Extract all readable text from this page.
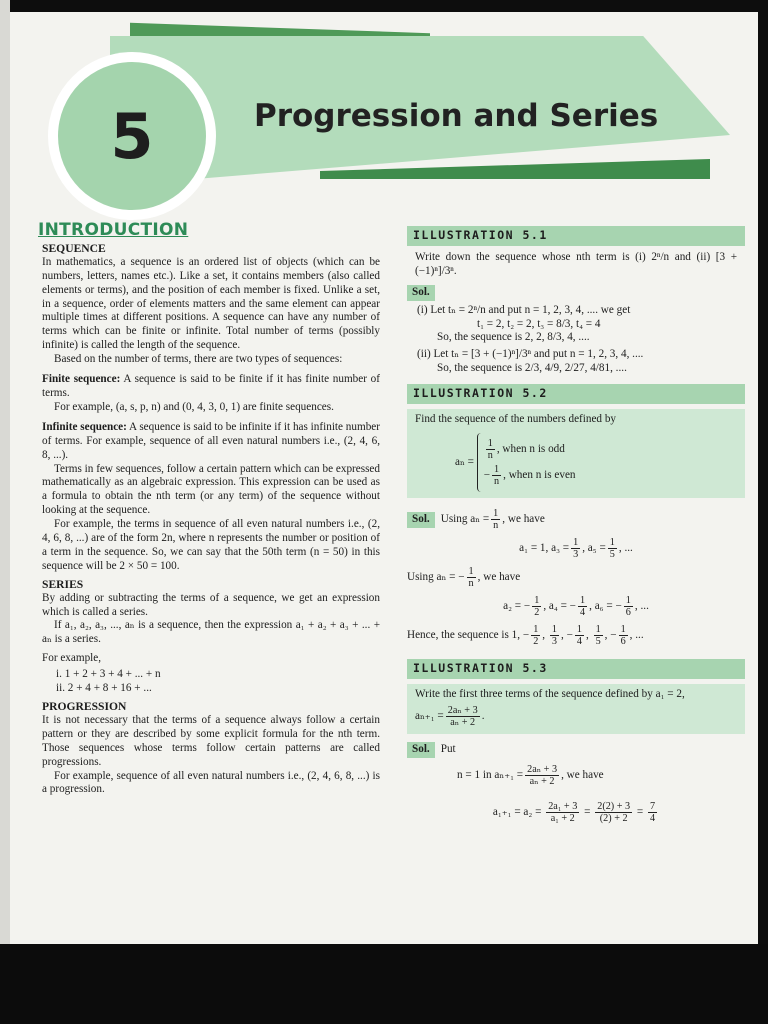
5	Progression and Series
INTRODUCTION
SEQUENCE

In mathematics, a sequence is an ordered list of objects (which can be numbers, letters, names etc.). Like a set, it contains members (also called elements or terms), and the position of each member is fixed. Unlike a set, in a sequence, order of elements matters and the same element can appear multiple times at different positions. A sequence can have any number of terms which can be finite or infinite. Total number of terms (possibly infinite) is called the length of the sequence.

Based on the number of terms, there are two types of sequences:

Finite sequence: A sequence is said to be finite if it has finite number of terms.

For example, (a, s, p, n) and (0, 4, 3, 0, 1) are finite sequences.

Infinite sequence: A sequence is said to be infinite if it has infinite number of terms. For example, sequence of all even natural numbers i.e., (2, 4, 6, 8, ...).

Terms in few sequences, follow a certain pattern which can be expressed mathematically as an algebraic expression. This expression can be used as a formula to obtain the nth term (or any term) of the sequence without looking at the sequence.

For example, the terms in sequence of all even natural numbers i.e., (2, 4, 6, 8, ...) are of the form 2n, where n represents the number or position of a term in the sequence. So, we can say that the 50th term (n = 50) in this sequence will be 2 × 50 = 100.

SERIES

By adding or subtracting the terms of a sequence, we get an expression which is called a series.

If a₁, a₂, a₃, ..., aₙ is a sequence, then the expression a₁ + a₂ + a₃ + ... + aₙ is a series.

For example,

i. 1 + 2 + 3 + 4 + ... + n
ii. 2 + 4 + 8 + 16 + ...
PROGRESSION

It is not necessary that the terms of a sequence always follow a certain pattern or they are described by some explicit formula for the nth term. Those sequences whose terms follow certain patterns are called progressions.

For example, sequence of all even natural numbers i.e., (2, 4, 6, 8, ...) is a progression.

ILLUSTRATION 5.1

Write down the sequence whose nth term is (i) 2ⁿ/n and (ii) [3 + (−1)ⁿ]/3ⁿ.

Sol.
(i) Let tₙ = 2ⁿ/n and put n = 1, 2, 3, 4, .... we get
t₁ = 2, t₂ = 2, t₃ = 8/3, t₄ = 4
So, the sequence is 2, 2, 8/3, 4, ....
(ii) Let tₙ = [3 + (−1)ⁿ]/3ⁿ and put n = 1, 2, 3, 4, ....
So, the sequence is 2/3, 4/9, 2/27, 4/81, ....
ILLUSTRATION 5.2

Find the sequence of the numbers defined by

aₙ =
$\frac{1}{n}$ , when n is odd
− $\frac{1}{n}$ , when n is even
Sol. Using $a_n = \frac{1}{n}$ , we have
a₁ = 1, $a_3 = \frac{1}{3}$ , $a_5 = \frac{1}{5}$ , ...
Using aₙ = − $\frac{1}{n}$ , we have
a₂ = − $\frac{1}{2}$ , a₄ = − $\frac{1}{4}$ , a₆ = − $\frac{1}{6}$ , ...
Hence, the sequence is 1, − $\frac{1}{2}$ , $\frac{1}{3}$ , − $\frac{1}{4}$ , $\frac{1}{5}$ , − $\frac{1}{6}$ , ...
ILLUSTRATION 5.3

Write the first three terms of the sequence defined by a₁ = 2,

$a_{n+1} = \frac{\text{2aₙ + 3}}{\text{aₙ + 2}}$ .
Sol. Put
n = 1 in $a_{n+1} = \frac{\text{2aₙ + 3}}{\text{aₙ + 2}}$ , we have
$a_{1+1} = a_2 = \frac{\text{2a₁ + 3}}{\text{a₁ + 2}} = \frac{2(2) + 3}{(2) + 2} = \frac{7}{4}$
